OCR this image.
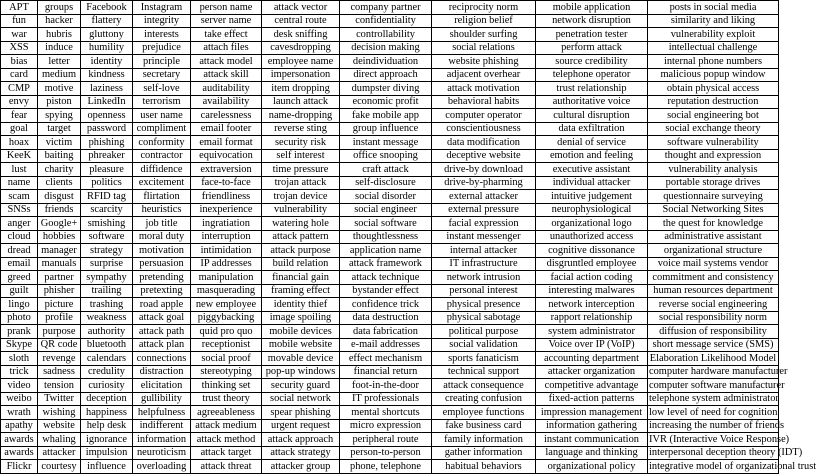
APT	groups	Facebook	Instagram	person name	attack vector	company partner	reciprocity norm	mobile application	posts in social media
fun	hacker	flattery	integrity	server name	central route	confidentiality	religion belief	network disruption	similarity and liking
war	hubris	gluttony	interests	take effect	desk sniffing	controllability	shoulder surfing	penetration tester	vulnerability exploit
XSS	induce	humility	prejudice	attach files	cavesdropping	decision making	social relations	perform attack	intellectual challenge
bias	letter	identity	principle	attack model	employee name	deindividuation	website phishing	source credibility	internal phone numbers
card	medium	kindness	secretary	attack skill	impersonation	direct approach	adjacent overhear	telephone operator	malicious popup window
CMP	motive	laziness	self-love	auditability	item dropping	dumpster diving	attack motivation	trust relationship	obtain physical access
envy	piston	LinkedIn	terrorism	availability	launch attack	economic profit	behavioral habits	authoritative voice	reputation destruction
fear	spying	openness	user name	carelessness	name-dropping	fake mobile app	computer operator	cultural disruption	social engineering bot
goal	target	password	compliment	email footer	reverse sting	group influence	conscientiousness	data exfiltration	social exchange theory
hoax	victim	phishing	conformity	email format	security risk	instant message	data modification	denial of service	software vulnerability
KeeK	baiting	phreaker	contractor	equivocation	self interest	office snooping	deceptive website	emotion and feeling	thought and expression
lust	charity	pleasure	diffidence	extraversion	time pressure	craft attack	drive-by download	executive assistant	vulnerability analysis
name	clients	politics	excitement	face-to-face	trojan attack	self-disclosure	drive-by-pharming	individual attacker	portable storage drives
scam	disgust	RFID tag	flirtation	friendliness	trojan device	social disorder	external attacker	intuitive judgement	questionnaire surveying
SNSs	friends	scarcity	heuristics	inexperience	vulnerability	social engineer	external pressure	neurophysiological	Social Networking Sites
anger	Google+	smishing	job title	ingratiation	watering hole	social software	facial expression	organizational logo	the quest for knowledge
cloud	hobbies	software	moral duty	interruption	attack pattern	thoughtlessness	instant messenger	unauthorized access	administrative assistant
dread	manager	strategy	motivation	intimidation	attack purpose	application name	internal attacker	cognitive dissonance	organizational structure
email	manuals	surprise	persuasion	IP addresses	build relation	attack framework	IT infrastructure	disgruntled employee	voice mail systems vendor
greed	partner	sympathy	pretending	manipulation	financial gain	attack technique	network intrusion	facial action coding	commitment and consistency
guilt	phisher	trailing	pretexting	masquerading	framing effect	bystander effect	personal interest	interesting malwares	human resources department
lingo	picture	trashing	road apple	new employee	identity thief	confidence trick	physical presence	network interception	reverse social engineering
photo	profile	weakness	attack goal	piggybacking	image spoiling	data destruction	physical sabotage	rapport relationship	social responsibility norm
prank	purpose	authority	attack path	quid pro quo	mobile devices	data fabrication	political purpose	system administrator	diffusion of responsibility
Skype	QR code	bluetooth	attack plan	receptionist	mobile website	e-mail addresses	social validation	Voice over IP (VoIP)	short message service (SMS)
sloth	revenge	calendars	connections	social proof	movable device	effect mechanism	sports fanaticism	accounting department	Elaboration Likelihood Model
trick	sadness	credulity	distraction	stereotyping	pop-up windows	financial return	technical support	attacker organization	computer hardware manufacturer
video	tension	curiosity	elicitation	thinking set	security guard	foot-in-the-door	attack consequence	competitive advantage	computer software manufacturer
weibo	Twitter	deception	gullibility	trust theory	social network	IT professionals	creating confusion	fixed-action patterns	telephone system administrator
wrath	wishing	happiness	helpfulness	agreeableness	spear phishing	mental shortcuts	employee functions	impression management	low level of need for cognition
apathy	website	help desk	indifferent	attack medium	urgent request	micro expression	fake business card	information gathering	increasing the number of friends
awards	whaling	ignorance	information	attack method	attack approach	peripheral route	family information	instant communication	IVR (Interactive Voice Response)
awards	attacker	impulsion	neuroticism	attack target	attack strategy	person-to-person	gather information	language and thinking	interpersonal deception theory (IDT)
Flickr	courtesy	influence	overloading	attack threat	attacker group	phone, telephone	habitual behaviors	organizational policy	integrative model of organizational trust
